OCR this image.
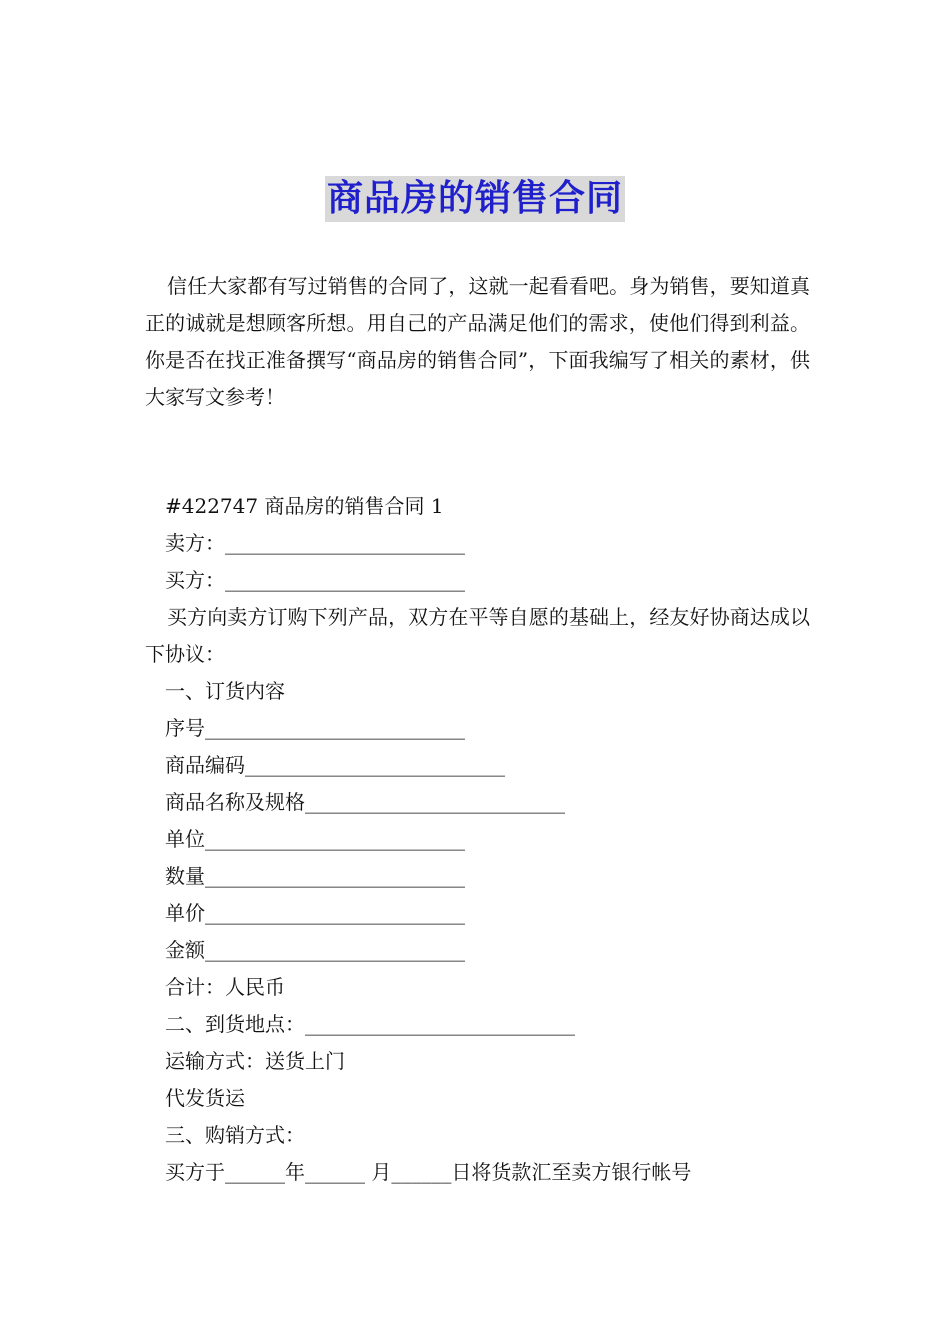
商品房的销售合同

信任大家都有写过销售的合同了，这就一起看看吧。身为销售，要知道真正的诚就是想顾客所想。用自己的产品满足他们的需求，使他们得到利益。你是否在找正准备撰写“商品房的销售合同”，下面我编写了相关的素材，供大家写文参考！

#422747 商品房的销售合同 1

卖方：________________________

买方：________________________

买方向卖方订购下列产品，双方在平等自愿的基础上，经友好协商达成以下协议：

一、订货内容

序号__________________________

商品编码__________________________

商品名称及规格__________________________

单位__________________________

数量__________________________

单价__________________________

金额__________________________

合计：人民币

二、到货地点：___________________________

运输方式：送货上门

代发货运

三、购销方式：

买方于______年______ 月______日将货款汇至卖方银行帐号
